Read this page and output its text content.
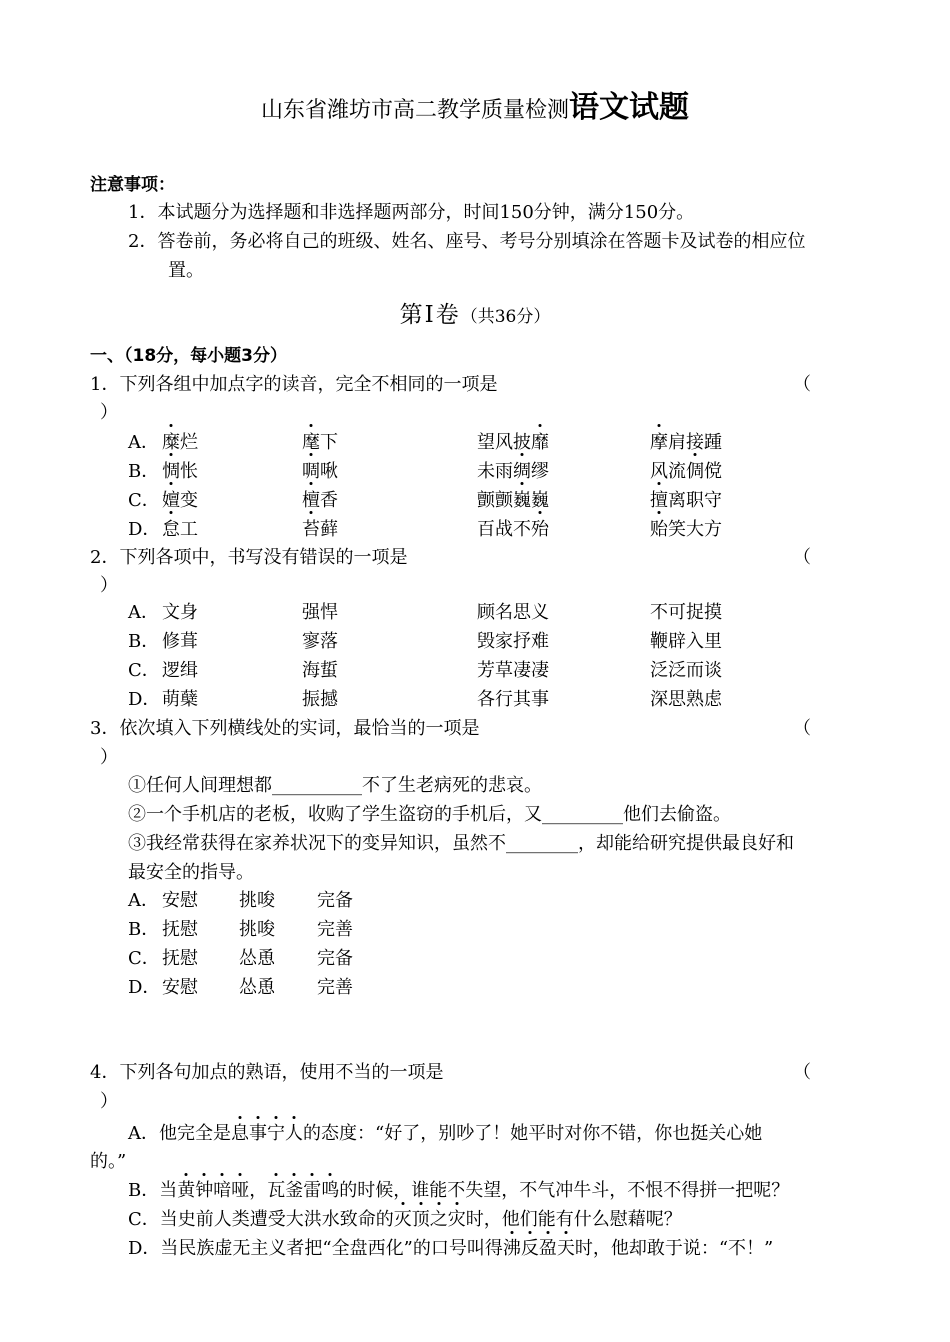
山东省潍坊市高二教学质量检测语文试题
注意事项：
1．本试题分为选择题和非选择题两部分，时间150分钟，满分150分。
2．答卷前，务必将自己的班级、姓名、座号、考号分别填涂在答题卡及试卷的相应位
置。
第Ⅰ卷（共36分）
一、（18分，每小题3分）
1．下列各组中加点字的读音，完全不相同的一项是	（
）
A． 糜烂	麾下	望风披靡	摩肩接踵
B． 惆怅	啁啾	未雨绸缪	风流倜傥
C． 嬗变	檀香	颤颤巍巍	擅离职守
D． 怠工	苔藓	百战不殆	贻笑大方
2．下列各项中，书写没有错误的一项是	（
）
A． 文身	强悍	顾名思义	不可捉摸
B． 修葺	寥落	毁家抒难	鞭辟入里
C． 逻缉	海蜇	芳草凄凄	泛泛而谈
D． 萌蘖	振撼	各行其事	深思熟虑
3．依次填入下列横线处的实词，最恰当的一项是	（
）
①任何人间理想都__________不了生老病死的悲哀。
②一个手机店的老板，收购了学生盗窃的手机后，又_________他们去偷盗。
③我经常获得在家养状况下的变异知识，虽然不________，却能给研究提供最良好和
最安全的指导。
A． 安慰 挑唆 完备
B． 抚慰 挑唆 完善
C． 抚慰 怂恿 完备
D． 安慰 怂恿 完善
4．下列各句加点的熟语，使用不当的一项是	（
）
A．他完全是息事宁人的态度：“好了，别吵了！她平时对你不错，你也挺关心她
的。”
B．当黄钟喑哑，瓦釜雷鸣的时候，谁能不失望，不气冲牛斗，不恨不得拼一把呢？
C．当史前人类遭受大洪水致命的灭顶之灾时，他们能有什么慰藉呢？
D．当民族虚无主义者把“全盘西化”的口号叫得沸反盈天时，他却敢于说：“不！”
